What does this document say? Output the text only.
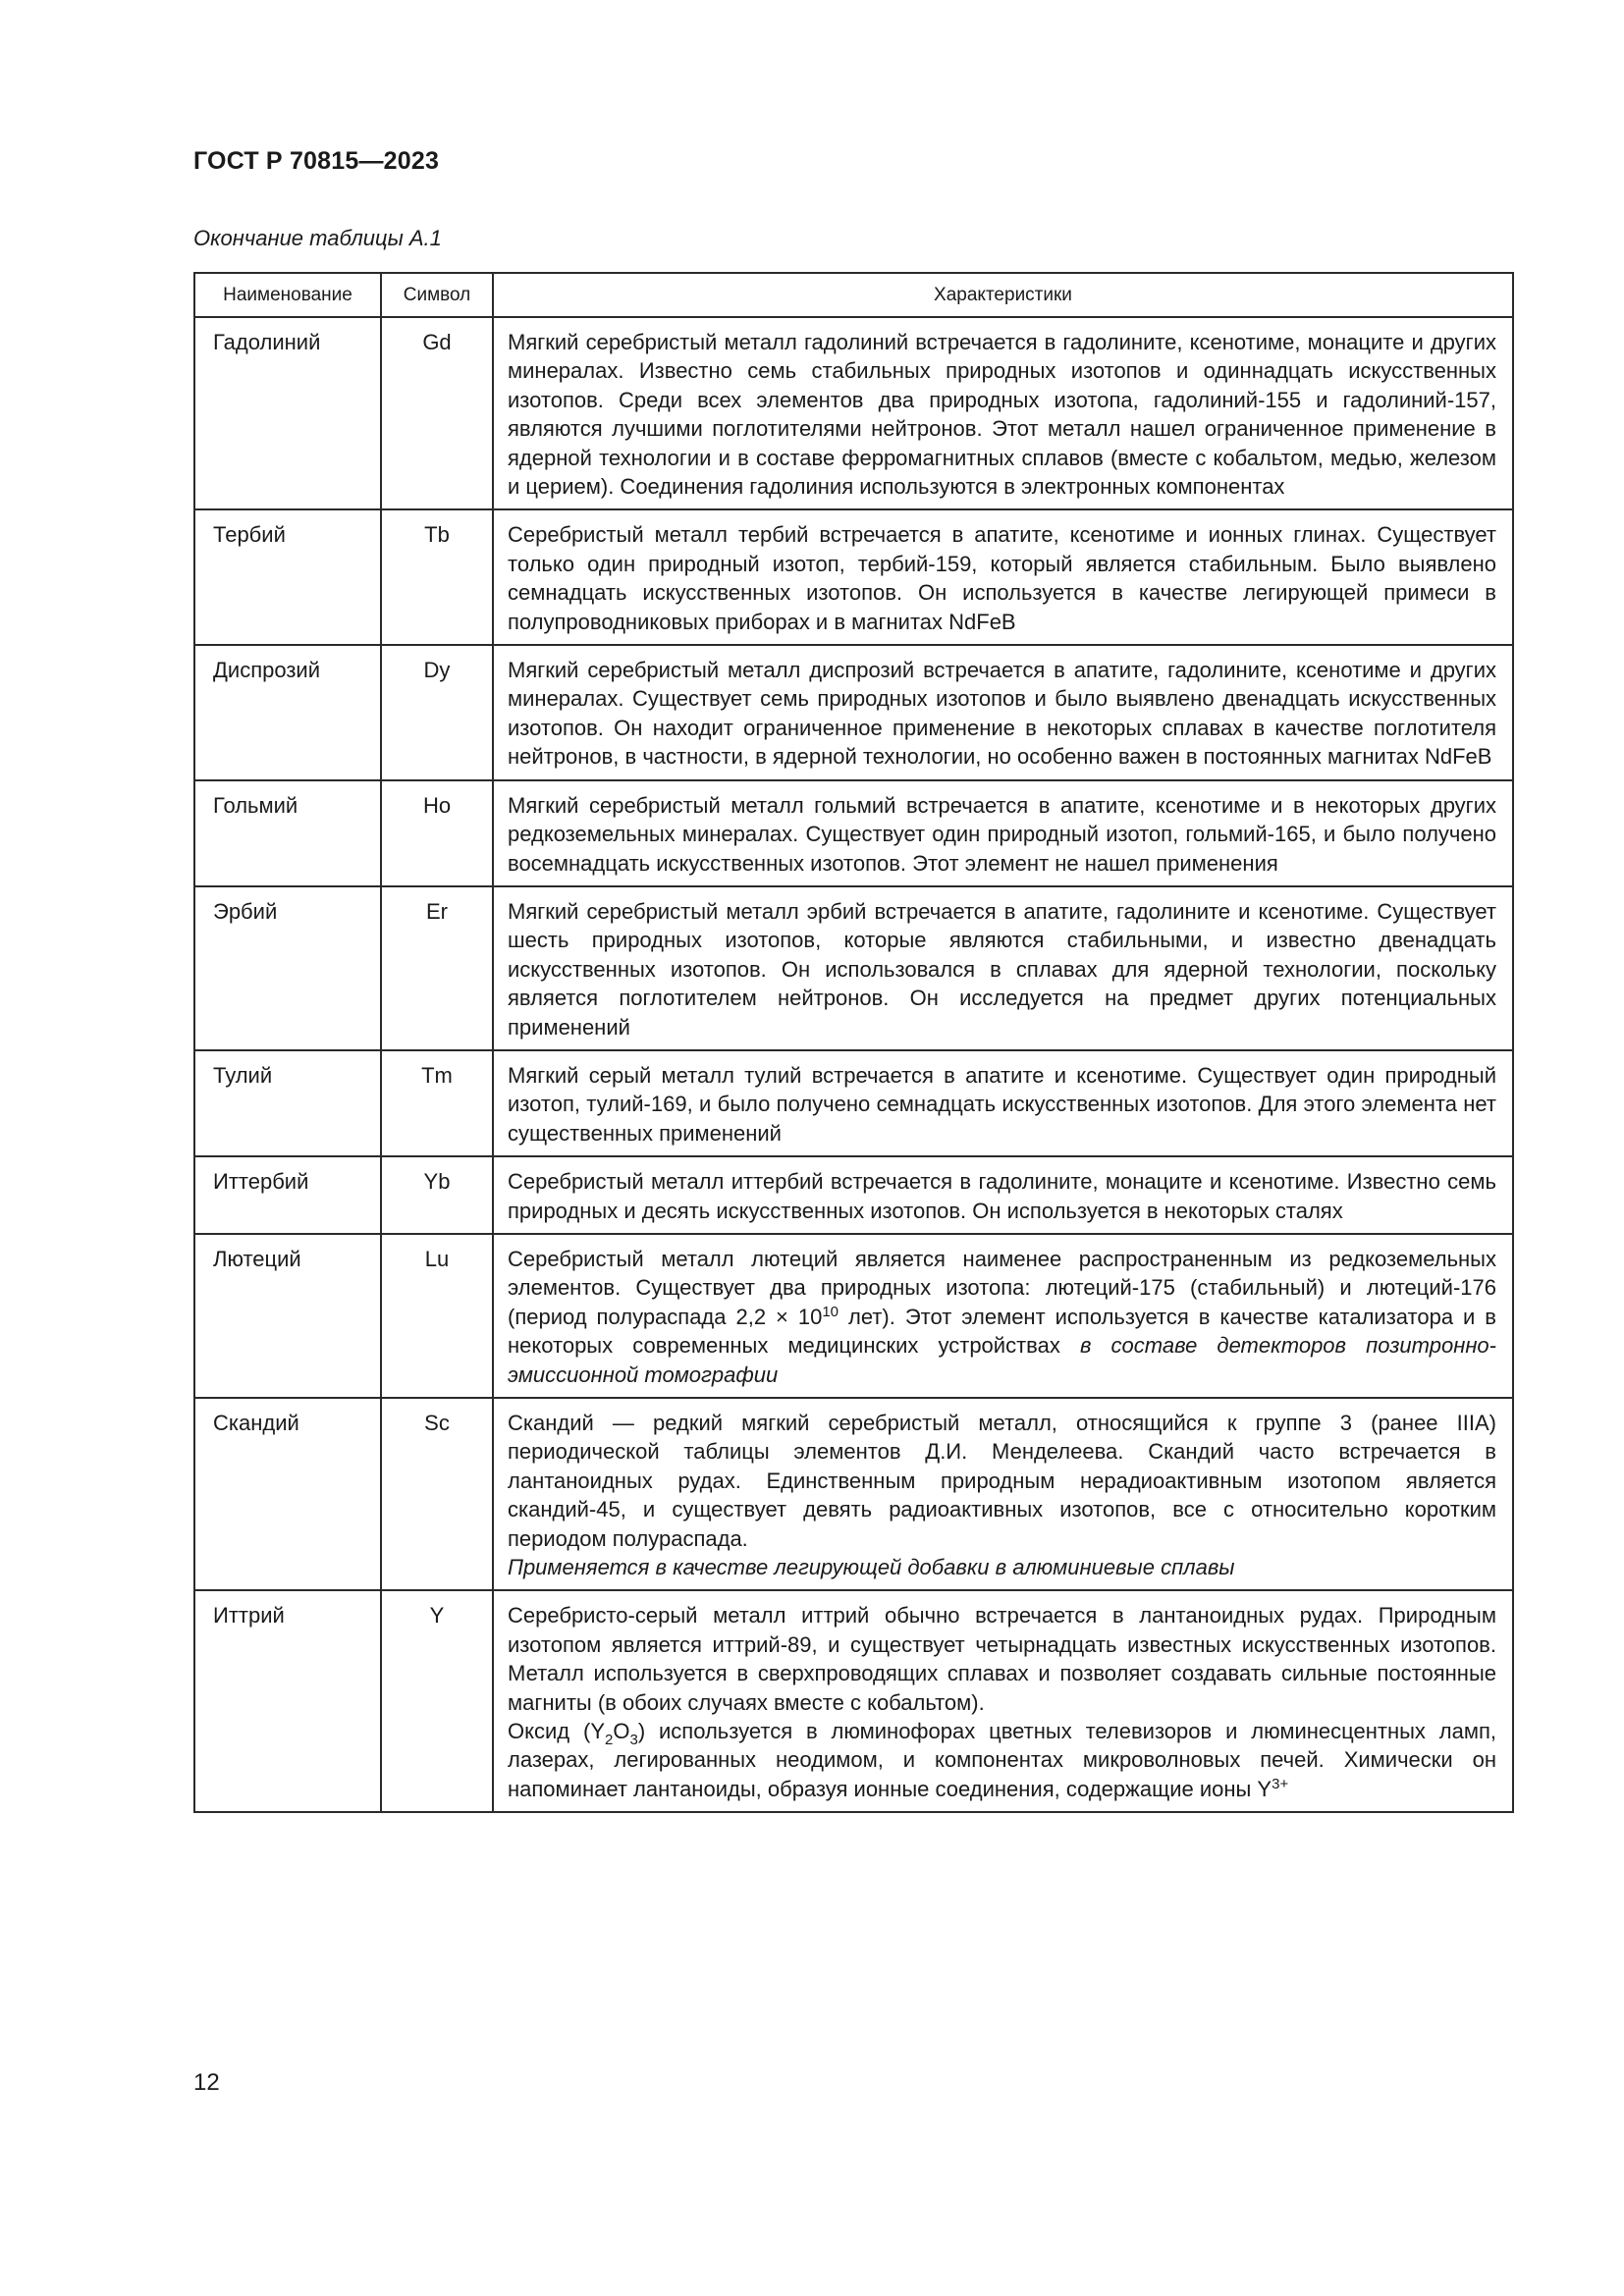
ГОСТ Р 70815—2023
Окончание таблицы А.1
Наименование	Символ	Характеристики
Гадолиний	Gd	Мягкий серебристый металл гадолиний встречается в гадолините, ксенотиме, монаците и других минералах. Известно семь стабильных природных изотопов и одиннадцать искусственных изотопов. Среди всех элементов два природных изотопа, гадолиний-155 и гадолиний-157, являются лучшими поглотителями нейтронов. Этот металл нашел ограниченное применение в ядерной технологии и в составе ферромагнитных сплавов (вместе с кобальтом, медью, железом и церием). Соединения гадолиния используются в электронных компонентах

Тербий	Tb	Серебристый металл тербий встречается в апатите, ксенотиме и ионных глинах. Существует только один природный изотоп, тербий-159, который является стабильным. Было выявлено семнадцать искусственных изотопов. Он используется в качестве легирующей примеси в полупроводниковых приборах и в магнитах NdFeB

Диспрозий	Dy	Мягкий серебристый металл диспрозий встречается в апатите, гадолините, ксенотиме и других минералах. Существует семь природных изотопов и было выявлено двенадцать искусственных изотопов. Он находит ограниченное применение в некоторых сплавах в качестве поглотителя нейтронов, в частности, в ядерной технологии, но особенно важен в постоянных магнитах NdFeB

Гольмий	Ho	Мягкий серебристый металл гольмий встречается в апатите, ксенотиме и в некоторых других редкоземельных минералах. Существует один природный изотоп, гольмий-165, и было получено восемнадцать искусственных изотопов. Этот элемент не нашел применения

Эрбий	Er	Мягкий серебристый металл эрбий встречается в апатите, гадолините и ксенотиме. Существует шесть природных изотопов, которые являются стабильными, и известно двенадцать искусственных изотопов. Он использовался в сплавах для ядерной технологии, поскольку является поглотителем нейтронов. Он исследуется на предмет других потенциальных применений

Тулий	Tm	Мягкий серый металл тулий встречается в апатите и ксенотиме. Существует один природный изотоп, тулий-169, и было получено семнадцать искусственных изотопов. Для этого элемента нет существенных применений

Иттербий	Yb	Серебристый металл иттербий встречается в гадолините, монаците и ксенотиме. Известно семь природных и десять искусственных изотопов. Он используется в некоторых сталях

Лютеций	Lu	Серебристый металл лютеций является наименее распространенным из редкоземельных элементов. Существует два природных изотопа: лютеций-175 (стабильный) и лютеций-176 (период полураспада $2,2 \times 10^{10}$ лет). Этот элемент используется в качестве катализатора и в некоторых современных медицинских устройствах в составе детекторов позитронно-эмиссионной томографии

Скандий	Sc	Скандий — редкий мягкий серебристый металл, относящийся к группе 3 (ранее IIIA) периодической таблицы элементов Д.И. Менделеева. Скандий часто встречается в лантаноидных рудах. Единственным природным нерадиоактивным изотопом является скандий-45, и существует девять радиоактивных изотопов, все с относительно коротким периодом полураспада.
Применяется в качестве легирующей добавки в алюминиевые сплавы

Иттрий	Y	Серебристо-серый металл иттрий обычно встречается в лантаноидных рудах. Природным изотопом является иттрий-89, и существует четырнадцать известных искусственных изотопов. Металл используется в сверхпроводящих сплавах и позволяет создавать сильные постоянные магниты (в обоих случаях вместе с кобальтом).
Оксид $(Y_2O_3)$ используется в люминофорах цветных телевизоров и люминесцентных ламп, лазерах, легированных неодимом, и компонентах микроволновых печей. Химически он напоминает лантаноиды, образуя ионные соединения, содержащие ионы $Y^{3+}$
12
